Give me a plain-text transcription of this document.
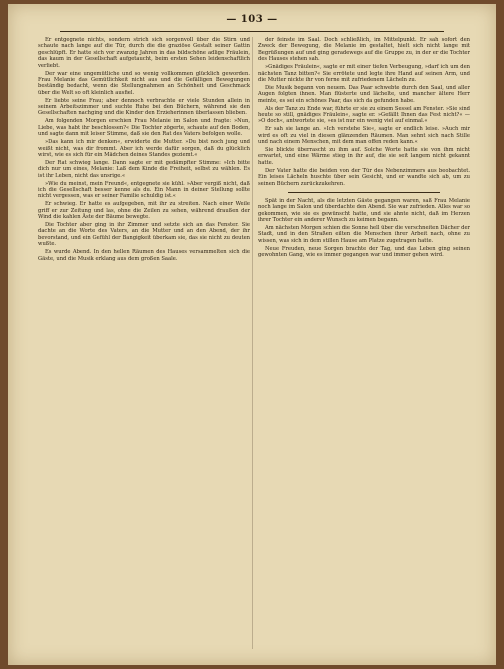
— 103 —

Er entgegnete nichts, sondern strich sich sorgenvoll über die Stirn und schaute nach lange auf die Tür, durch die die graziöse Gestalt seiner Gattin geschlüpft. Er hatte sich vor zwanzig Jahren in das bildschöne adlige Fräulein, das kaum in der Gesellschaft aufgetaucht, beim ersten Sehen leidenschaftlich verliebt.

Der war eine ungemütliche und so wenig vollkommen glücklich geworden. Frau Melanie das Gemütlichkeit nicht aus und die Gefälligen Bewegungen beständig bedacht, wenn die Stellungnahmen an Schönheit und Geschmack über die Welt so oft kleinlich ausfiel.

Er liebte seine Frau; aber dennoch verbrachte er viele Stunden allein in seinem Arbeitszimmer und suchte Ruhe bei den Büchern, während sie den Gesellschaften nachging und die Kinder den Erzieherinnen überlassen blieben.

Am folgenden Morgen erschien Frau Melanie im Salon und fragte: »Nun, Liebe, was habt ihr beschlossen?« Die Tochter zögerte, schaute auf den Boden, und sagte dann mit leiser Stimme, daß sie den Rat des Vaters befolgen wolle.

»Das kann ich mir denken«, erwiderte die Mutter. »Du bist noch jung und weißt nicht, was dir frommt. Aber ich werde dafür sorgen, daß du glücklich wirst, wie es sich für ein Mädchen deines Standes geziemt.«

Der Rat schwieg lange. Dann sagte er mit gedämpfter Stimme: »Ich bitte dich nur um eines, Melanie: Laß dem Kinde die Freiheit, selbst zu wählen. Es ist ihr Leben, nicht das unsrige.«

»Wie du meinst, mein Freund«, entgegnete sie kühl. »Aber vergiß nicht, daß ich die Gesellschaft besser kenne als du. Ein Mann in deiner Stellung sollte nicht vergessen, was er seiner Familie schuldig ist.«

Er schwieg. Er hatte es aufgegeben, mit ihr zu streiten. Nach einer Weile griff er zur Zeitung und las, ohne die Zeilen zu sehen, während draußen der Wind die kahlen Äste der Bäume bewegte.

Die Tochter aber ging in ihr Zimmer und setzte sich an das Fenster. Sie dachte an die Worte des Vaters, an die Mutter und an den Abend, der ihr bevorstand, und ein Gefühl der Bangigkeit überkam sie, das sie nicht zu deuten wußte.

Es wurde Abend. In den hellen Räumen des Hauses versammelten sich die Gäste, und die Musik erklang aus dem großen Saale.

der feinste im Saal. Doch schließlich, im Mittelpunkt. Er sah sofort den Zweck der Bewegung, die Melanie im gestaltet, hielt sich nicht lange mit Begrüßungen auf und ging geradewegs auf die Gruppe zu, in der er die Tochter des Hauses stehen sah.

»Gnädiges Fräulein«, sagte er mit einer tiefen Verbeugung, »darf ich um den nächsten Tanz bitten?« Sie errötete und legte ihre Hand auf seinen Arm, und die Mutter nickte ihr von ferne mit zufriedenem Lächeln zu.

Die Musik begann von neuem. Das Paar schwebte durch den Saal, und aller Augen folgten ihnen. Man flüsterte und lächelte, und mancher ältere Herr meinte, es sei ein schönes Paar, das sich da gefunden habe.

Als der Tanz zu Ende war, führte er sie zu einem Sessel am Fenster. »Sie sind heute so still, gnädiges Fräulein«, sagte er. »Gefällt Ihnen das Fest nicht?« — »O doch«, antwortete sie, »es ist nur ein wenig viel auf einmal.«

Er sah sie lange an. »Ich verstehe Sie«, sagte er endlich leise. »Auch mir wird es oft zu viel in diesen glänzenden Räumen. Man sehnt sich nach Stille und nach einem Menschen, mit dem man offen reden kann.«

Sie blickte überrascht zu ihm auf. Solche Worte hatte sie von ihm nicht erwartet, und eine Wärme stieg in ihr auf, die sie seit langem nicht gekannt hatte.

Der Vater hatte die beiden von der Tür des Nebenzimmers aus beobachtet. Ein leises Lächeln huschte über sein Gesicht, und er wandte sich ab, um zu seinen Büchern zurückzukehren.

Spät in der Nacht, als die letzten Gäste gegangen waren, saß Frau Melanie noch lange im Salon und überdachte den Abend. Sie war zufrieden. Alles war so gekommen, wie sie es gewünscht hatte, und sie ahnte nicht, daß im Herzen ihrer Tochter ein anderer Wunsch zu keimen begann.

Am nächsten Morgen schien die Sonne hell über die verschneiten Dächer der Stadt, und in den Straßen eilten die Menschen ihrer Arbeit nach, ohne zu wissen, was sich in dem stillen Hause am Platze zugetragen hatte.

Neue Freuden, neue Sorgen brachte der Tag, und das Leben ging seinen gewohnten Gang, wie es immer gegangen war und immer gehen wird.
